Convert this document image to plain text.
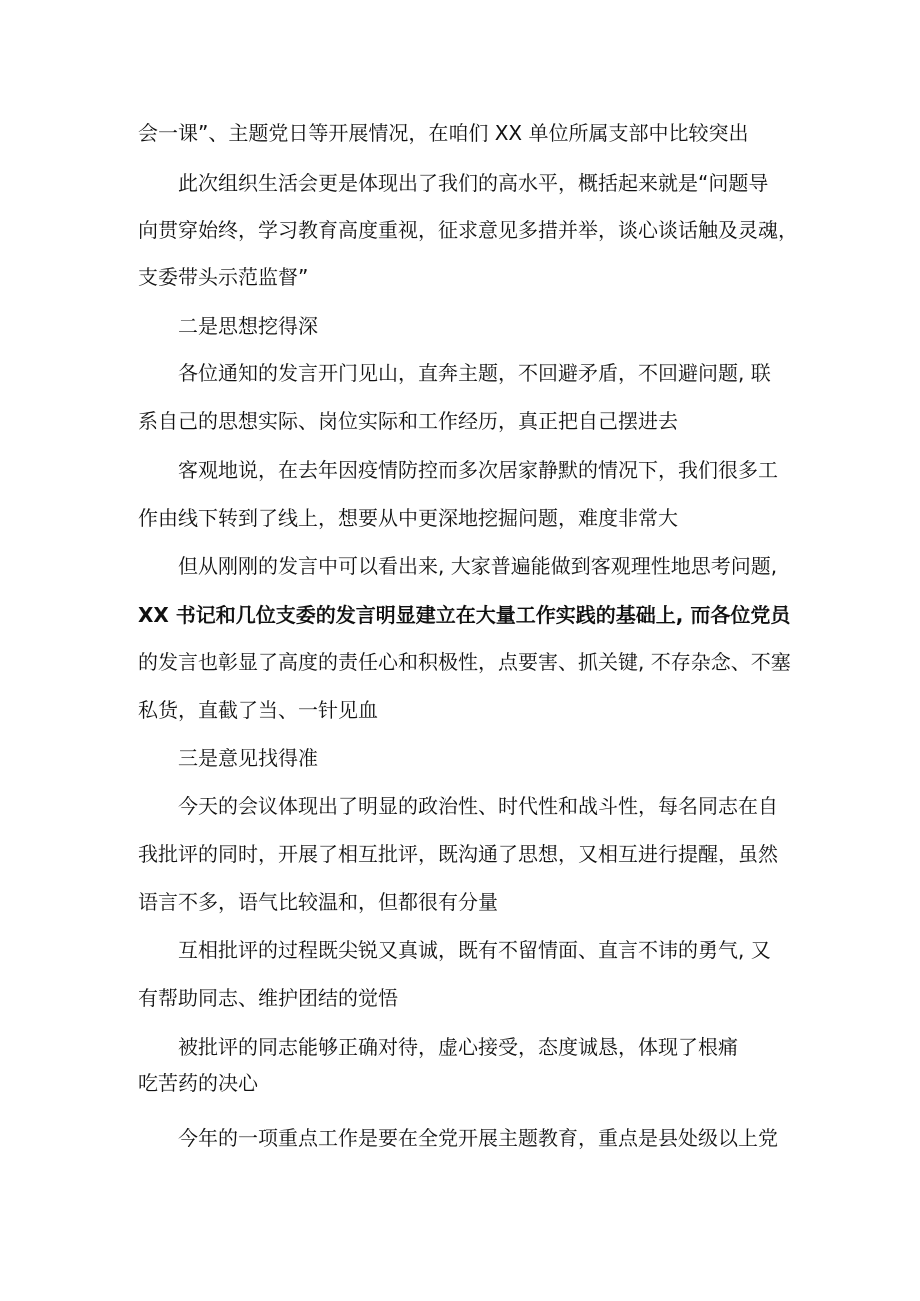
会一课”、主题党日等开展情况，在咱们 XX 单位所属支部中比较突出

此次组织生活会更是体现出了我们的高水平，概括起来就是“问题导

向贯穿始终，学习教育高度重视，征求意见多措并举，谈心谈话触及灵魂，

支委带头示范监督”

二是思想挖得深

各位通知的发言开门见山，直奔主题，不回避矛盾，不回避问题, 联

系自己的思想实际、岗位实际和工作经历，真正把自己摆进去

客观地说，在去年因疫情防控而多次居家静默的情况下，我们很多工

作由线下转到了线上，想要从中更深地挖掘问题，难度非常大

但从刚刚的发言中可以看出来, 大家普遍能做到客观理性地思考问题,

XX 书记和几位支委的发言明显建立在大量工作实践的基础上, 而各位党员

的发言也彰显了高度的责任心和积极性，点要害、抓关键, 不存杂念、不塞

私货，直截了当、一针见血

三是意见找得准

今天的会议体现出了明显的政治性、时代性和战斗性，每名同志在自

我批评的同时，开展了相互批评，既沟通了思想，又相互进行提醒，虽然

语言不多，语气比较温和，但都很有分量

互相批评的过程既尖锐又真诚，既有不留情面、直言不讳的勇气, 又

有帮助同志、维护团结的觉悟

被批评的同志能够正确对待，虚心接受，态度诚恳，体现了根痛

吃苦药的决心

今年的一项重点工作是要在全党开展主题教育，重点是县处级以上党
